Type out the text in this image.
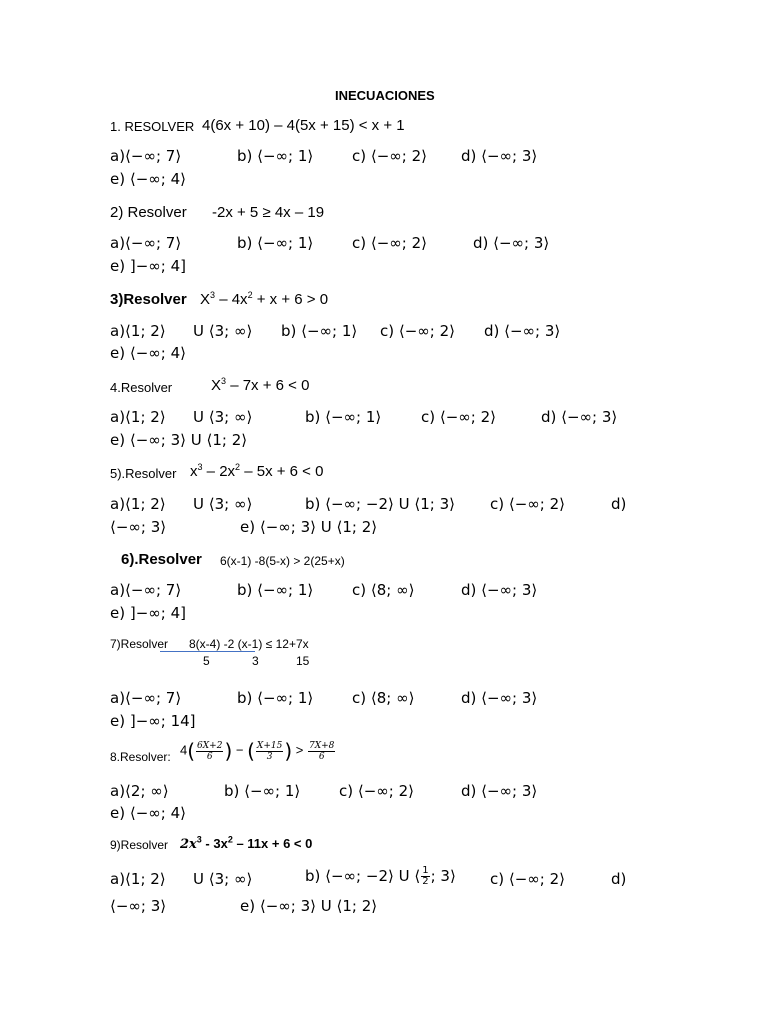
INECUACIONES
1. RESOLVER 4(6x + 10) – 4(5x + 15) < x + 1
a)⟨−∞; 7⟩	b) ⟨−∞; 1⟩	c) ⟨−∞; 2⟩ d) ⟨−∞; 3⟩
e) ⟨−∞; 4⟩
2) Resolver -2x + 5 ≥ 4x – 19
a)⟨−∞; 7⟩	b) ⟨−∞; 1⟩	c) ⟨−∞; 2⟩	d) ⟨−∞; 3⟩
e) ]−∞; 4]
3)Resolver $X^3 - 4x^2 + x + 6 > 0$
a)⟨1; 2⟩ U ⟨3; ∞⟩ b) ⟨−∞; 1⟩ c) ⟨−∞; 2⟩ d) ⟨−∞; 3⟩
e) ⟨−∞; 4⟩
4.Resolver	$X^3 - 7x + 6 < 0$
a)⟨1; 2⟩ U ⟨3; ∞⟩	b) ⟨−∞; 1⟩	c) ⟨−∞; 2⟩	d) ⟨−∞; 3⟩
e) ⟨−∞; 3⟩ U ⟨1; 2⟩
5).Resolver $x^3 - 2x^2 - 5x + 6 < 0$
a)⟨1; 2⟩ U ⟨3; ∞⟩	b) ⟨−∞; −2⟩ U ⟨1; 3⟩ c) ⟨−∞; 2⟩	d)
⟨−∞; 3⟩	e) ⟨−∞; 3⟩ U ⟨1; 2⟩
6).Resolver 6(x-1) -8(5-x) > 2(25+x)
a)⟨−∞; 7⟩	b) ⟨−∞; 1⟩	c) ⟨8; ∞⟩	d) ⟨−∞; 3⟩
e) ]−∞; 4]
7)Resolver 8(x-4) -2 (x-1) ≤ 12+7x
5	3	15
a)⟨−∞; 7⟩	b) ⟨−∞; 1⟩	c) ⟨8; ∞⟩	d) ⟨−∞; 3⟩
e) ]−∞; 14]
8.Resolver: $4( \frac{6X+2}{6}$ ) − ( $\frac{X+15}{3}$ ) > $\frac{7X+8}{6}$
a)⟨2; ∞⟩	b) ⟨−∞; 1⟩	c) ⟨−∞; 2⟩	d) ⟨−∞; 3⟩
e) ⟨−∞; 4⟩
9)Resolver $2x^3 - 3x^2 - 11x + 6 < 0$
a)⟨1; 2⟩ U ⟨3; ∞⟩	b) ⟨−∞; −2⟩ U ⟨ $\frac{1}{2}$ ; 3⟩ c) ⟨−∞; 2⟩	d)
⟨−∞; 3⟩	e) ⟨−∞; 3⟩ U ⟨1; 2⟩
